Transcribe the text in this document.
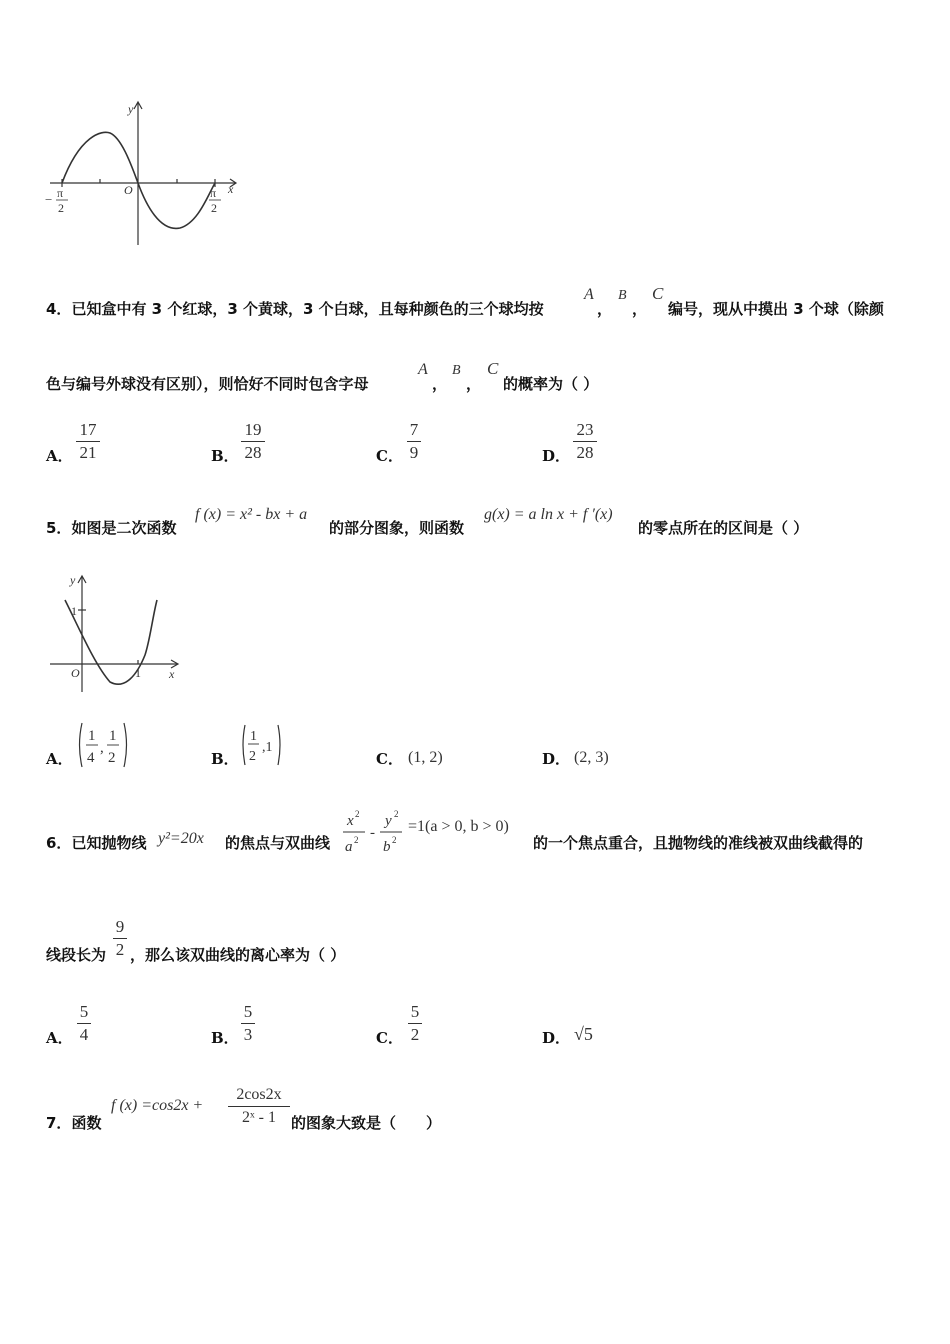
y
x
O
− π
2
π
2
4．已知盒中有 3 个红球，3 个黄球，3 个白球，且每种颜色的三个球均按
A
，
B
，
C
编号，现从中摸出 3 个球（除颜
色与编号外球没有区别），则恰好不同时包含字母
A
，
B
，
C
的概率为（ ）
A．
17
21	B．
19
28	C．
7
9	D．
23
28
5．如图是二次函数
f (x) = x² - bx + a
的部分图象，则函数
g(x) = a ln x + f ′(x)
的零点所在的区间是（ ）
y
1
O	1 x
A．
1
4
,
1
2	B．
1
2
,1
C． (1, 2)	D． (2, 3)
6．已知抛物线 y²=20x 的焦点与双曲线
x 2
a 2 -
y 2
b 2
=1(a > 0, b > 0)
的一个焦点重合，且抛物线的准线被双曲线截得的
线段长为
9
2 ，那么该双曲线的离心率为（ ）
A．
5
4	B．
5
3	C．
5
2	D． √5
7．函数
f (x) =cos2x +
2cos2x
2ˣ - 1	的图象大致是（　　）
